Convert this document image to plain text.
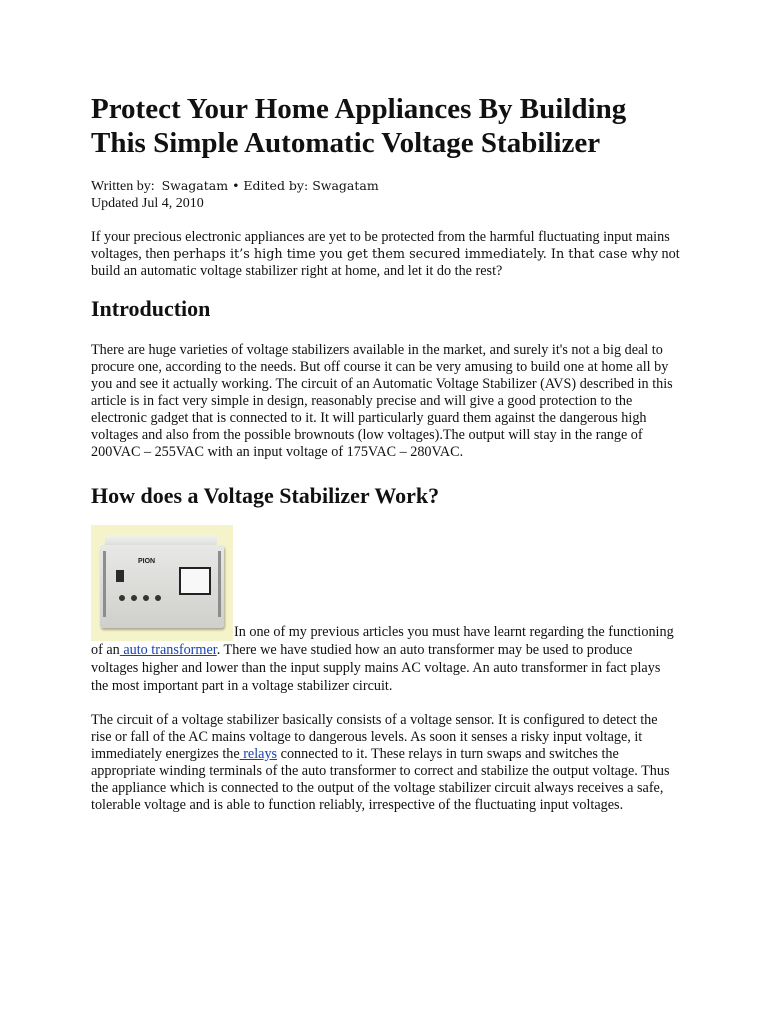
Protect Your Home Appliances By Building This Simple Automatic Voltage Stabilizer
Written by: Swagatam • Edited by: Swagatam
Updated Jul 4, 2010

If your precious electronic appliances are yet to be protected from the harmful fluctuating input mains voltages, then perhaps it’s high time you get them secured immediately. In that case why not build an automatic voltage stabilizer right at home, and let it do the rest?

Introduction

There are huge varieties of voltage stabilizers available in the market, and surely it's not a big deal to procure one, according to the needs. But off course it can be very amusing to build one at home all by you and see it actually working. The circuit of an Automatic Voltage Stabilizer (AVS) described in this article is in fact very simple in design, reasonably precise and will give a good protection to the electronic gadget that is connected to it. It will particularly guard them against the dangerous high voltages and also from the possible brownouts (low voltages).The output will stay in the range of 200VAC – 255VAC with an input voltage of 175VAC – 280VAC.

How does a Voltage Stabilizer Work?
PION
In one of my previous articles you must have learnt regarding the functioning of an auto transformer. There we have studied how an auto transformer may be used to produce voltages higher and lower than the input supply mains AC voltage. An auto transformer in fact plays the most important part in a voltage stabilizer circuit.

The circuit of a voltage stabilizer basically consists of a voltage sensor. It is configured to detect the rise or fall of the AC mains voltage to dangerous levels. As soon it senses a risky input voltage, it immediately energizes the relays connected to it. These relays in turn swaps and switches the appropriate winding terminals of the auto transformer to correct and stabilize the output voltage. Thus the appliance which is connected to the output of the voltage stabilizer circuit always receives a safe, tolerable voltage and is able to function reliably, irrespective of the fluctuating input voltages.
